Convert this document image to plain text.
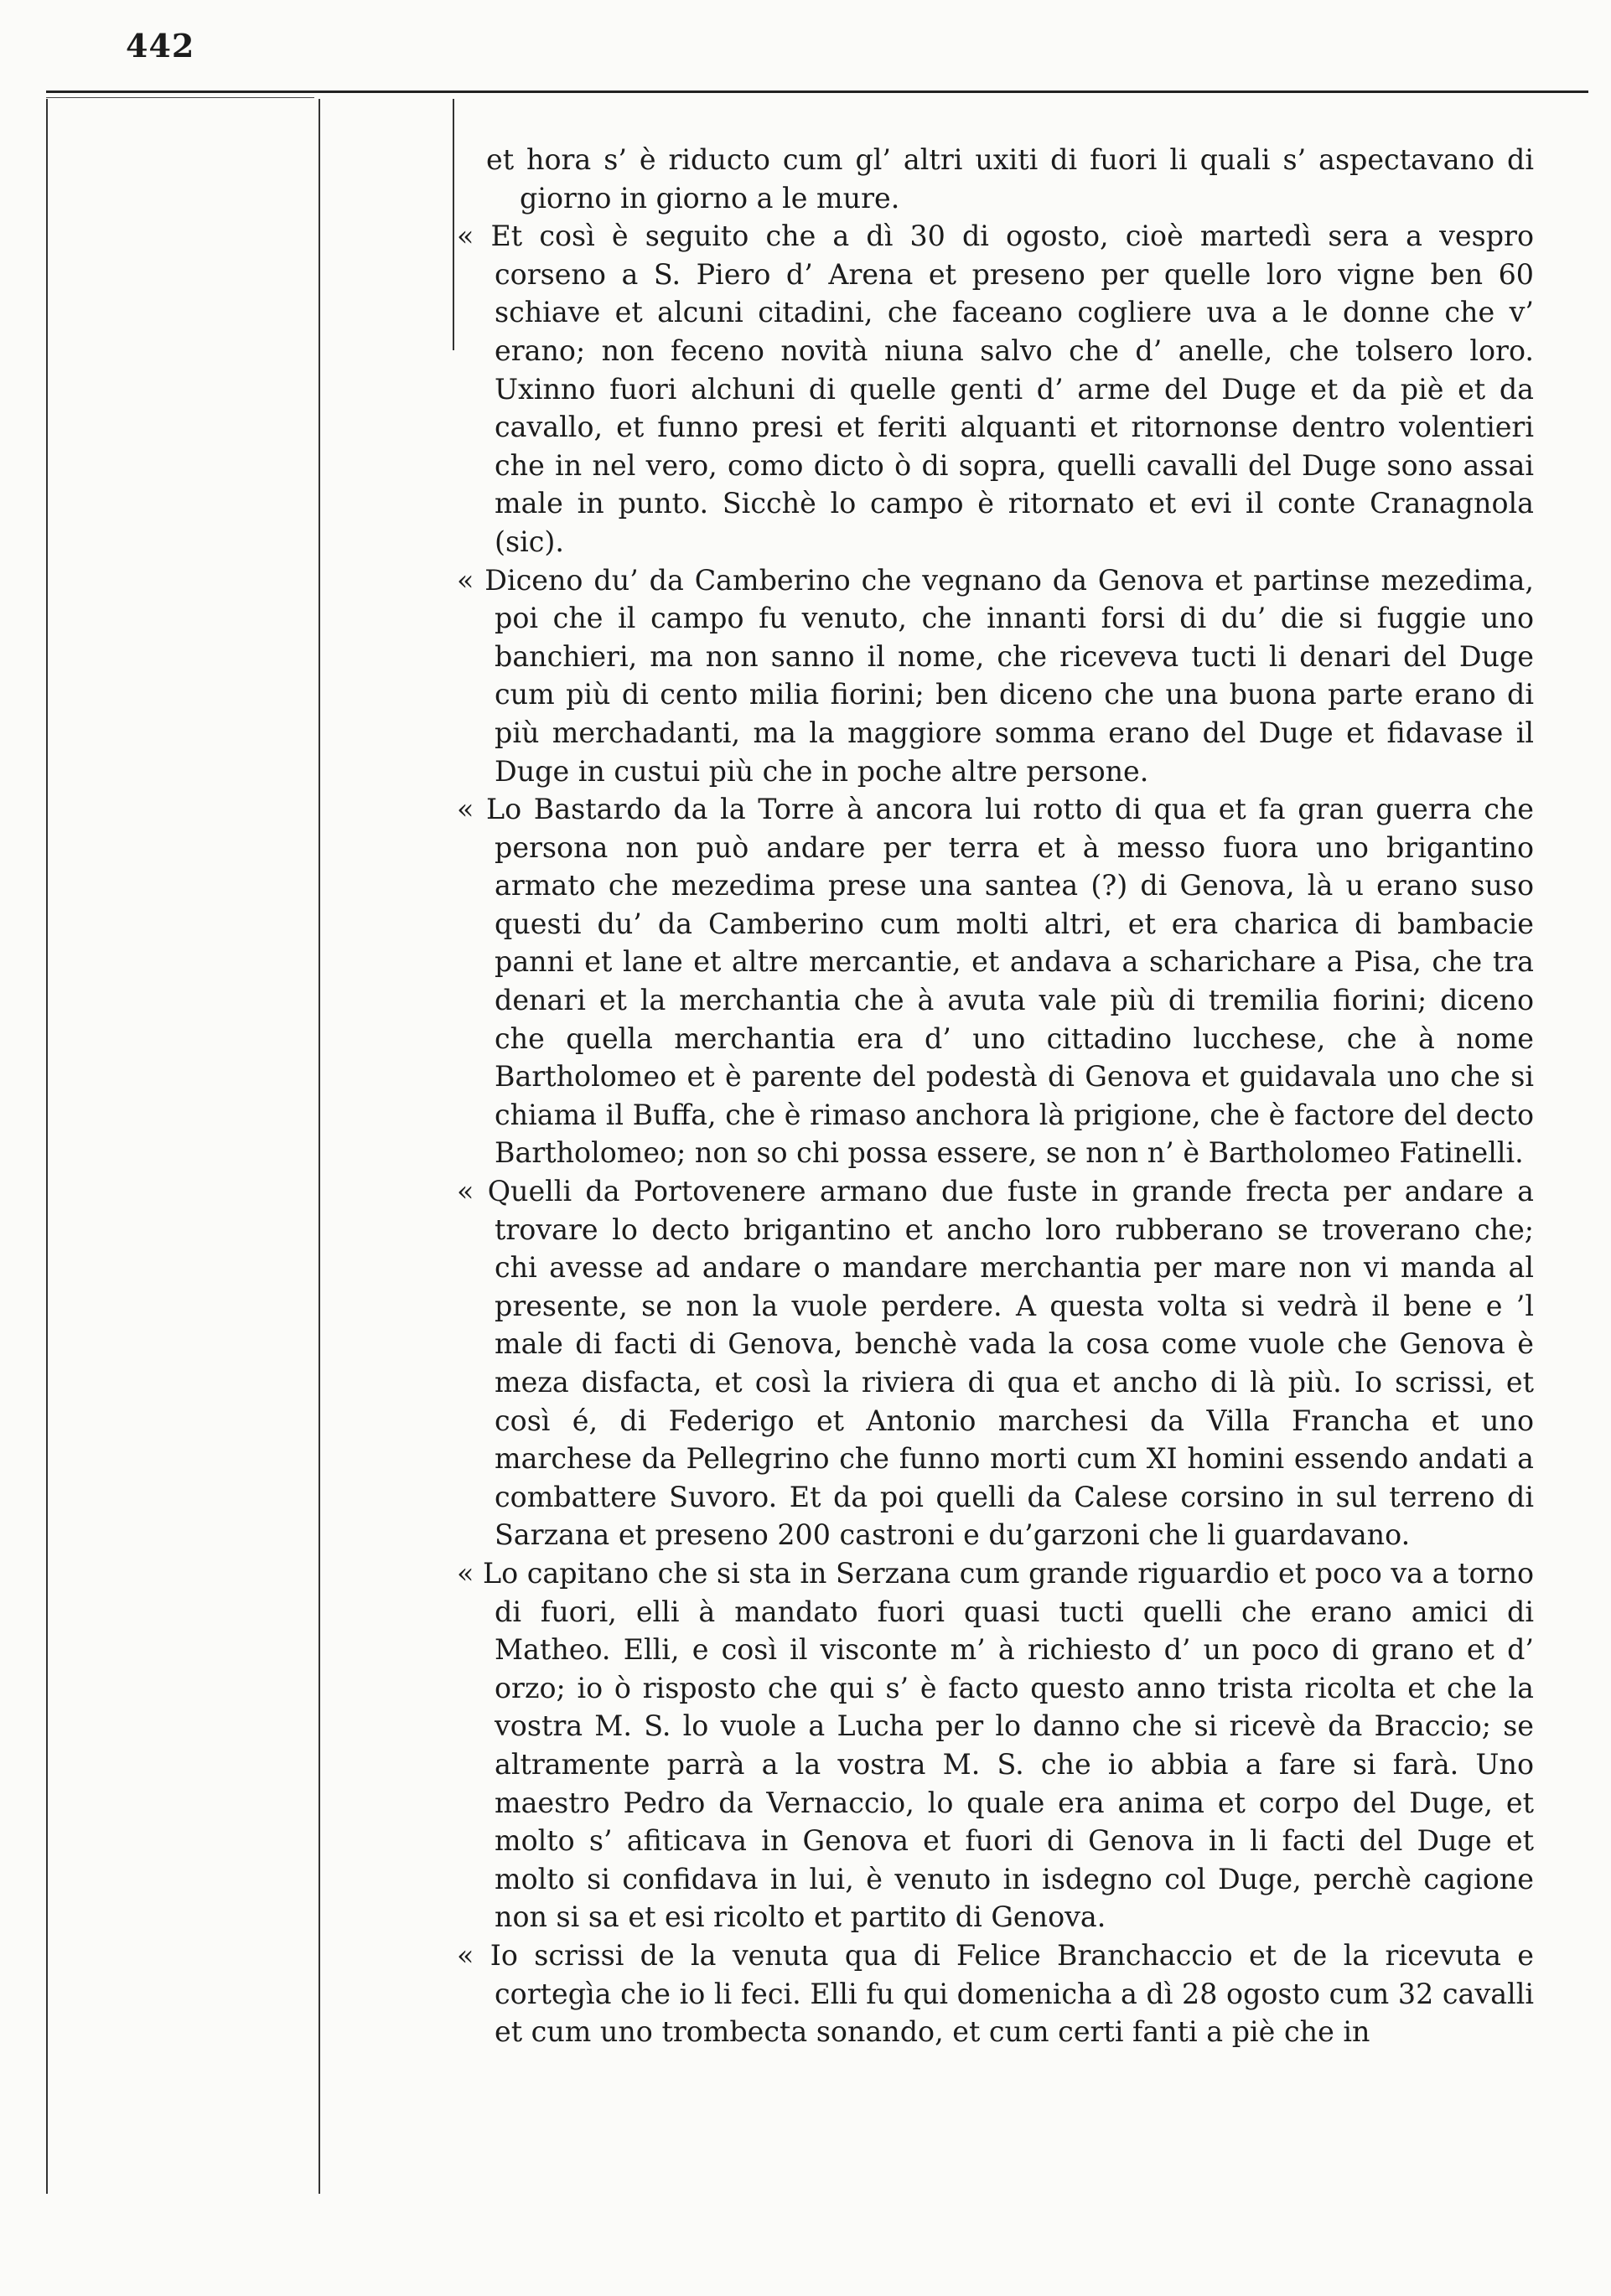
442

et hora s’ è riducto cum gl’ altri uxiti di fuori li quali s’ aspectavano di giorno in giorno a le mure.

« Et così è seguito che a dì 30 di ogosto, cioè martedì sera a vespro corseno a S. Piero d’ Arena et preseno per quelle loro vigne ben 60 schiave et alcuni citadini, che faceano cogliere uva a le donne che v’ erano; non feceno novità niuna salvo che d’ anelle, che tolsero loro. Uxinno fuori alchuni di quelle genti d’ arme del Duge et da piè et da cavallo, et funno presi et feriti alquanti et ritornonse dentro volentieri che in nel vero, como dicto ò di sopra, quelli cavalli del Duge sono assai male in punto. Sicchè lo campo è ritornato et evi il conte Cranagnola (sic).

« Diceno du’ da Camberino che vegnano da Genova et partinse mezedima, poi che il campo fu venuto, che innanti forsi di du’ die si fuggie uno banchieri, ma non sanno il nome, che riceveva tucti li denari del Duge cum più di cento milia fiorini; ben diceno che una buona parte erano di più merchadanti, ma la maggiore somma erano del Duge et fidavase il Duge in custui più che in poche altre persone.

« Lo Bastardo da la Torre à ancora lui rotto di qua et fa gran guerra che persona non può andare per terra et à messo fuora uno brigantino armato che mezedima prese una santea (?) di Genova, là u erano suso questi du’ da Camberino cum molti altri, et era charica di bambacie panni et lane et altre mercantie, et andava a scharichare a Pisa, che tra denari et la merchantia che à avuta vale più di tremilia fiorini; diceno che quella merchantia era d’ uno cittadino lucchese, che à nome Bartholomeo et è parente del podestà di Genova et guidavala uno che si chiama il Buffa, che è rimaso anchora là prigione, che è factore del decto Bartholomeo; non so chi possa essere, se non n’ è Bartholomeo Fatinelli.

« Quelli da Portovenere armano due fuste in grande frecta per andare a trovare lo decto brigantino et ancho loro rubberano se troverano che; chi avesse ad andare o mandare merchantia per mare non vi manda al presente, se non la vuole perdere. A questa volta si vedrà il bene e ’l male di facti di Genova, benchè vada la cosa come vuole che Genova è meza disfacta, et così la riviera di qua et ancho di là più. Io scrissi, et così é, di Federigo et Antonio marchesi da Villa Francha et uno marchese da Pellegrino che funno morti cum XI homini essendo andati a combattere Suvoro. Et da poi quelli da Calese corsino in sul terreno di Sarzana et preseno 200 castroni e du’garzoni che li guardavano.

« Lo capitano che si sta in Serzana cum grande riguardio et poco va a torno di fuori, elli à mandato fuori quasi tucti quelli che erano amici di Matheo. Elli, e così il visconte m’ à richiesto d’ un poco di grano et d’ orzo; io ò risposto che qui s’ è facto questo anno trista ricolta et che la vostra M. S. lo vuole a Lucha per lo danno che si ricevè da Braccio; se altramente parrà a la vostra M. S. che io abbia a fare si farà. Uno maestro Pedro da Vernaccio, lo quale era anima et corpo del Duge, et molto s’ afiticava in Genova et fuori di Genova in li facti del Duge et molto si confidava in lui, è venuto in isdegno col Duge, perchè cagione non si sa et esi ricolto et partito di Genova.

« Io scrissi de la venuta qua di Felice Branchaccio et de la ricevuta e cortegìa che io li feci. Elli fu qui domenicha a dì 28 ogosto cum 32 cavalli et cum uno trombecta sonando, et cum certi fanti a piè che in
